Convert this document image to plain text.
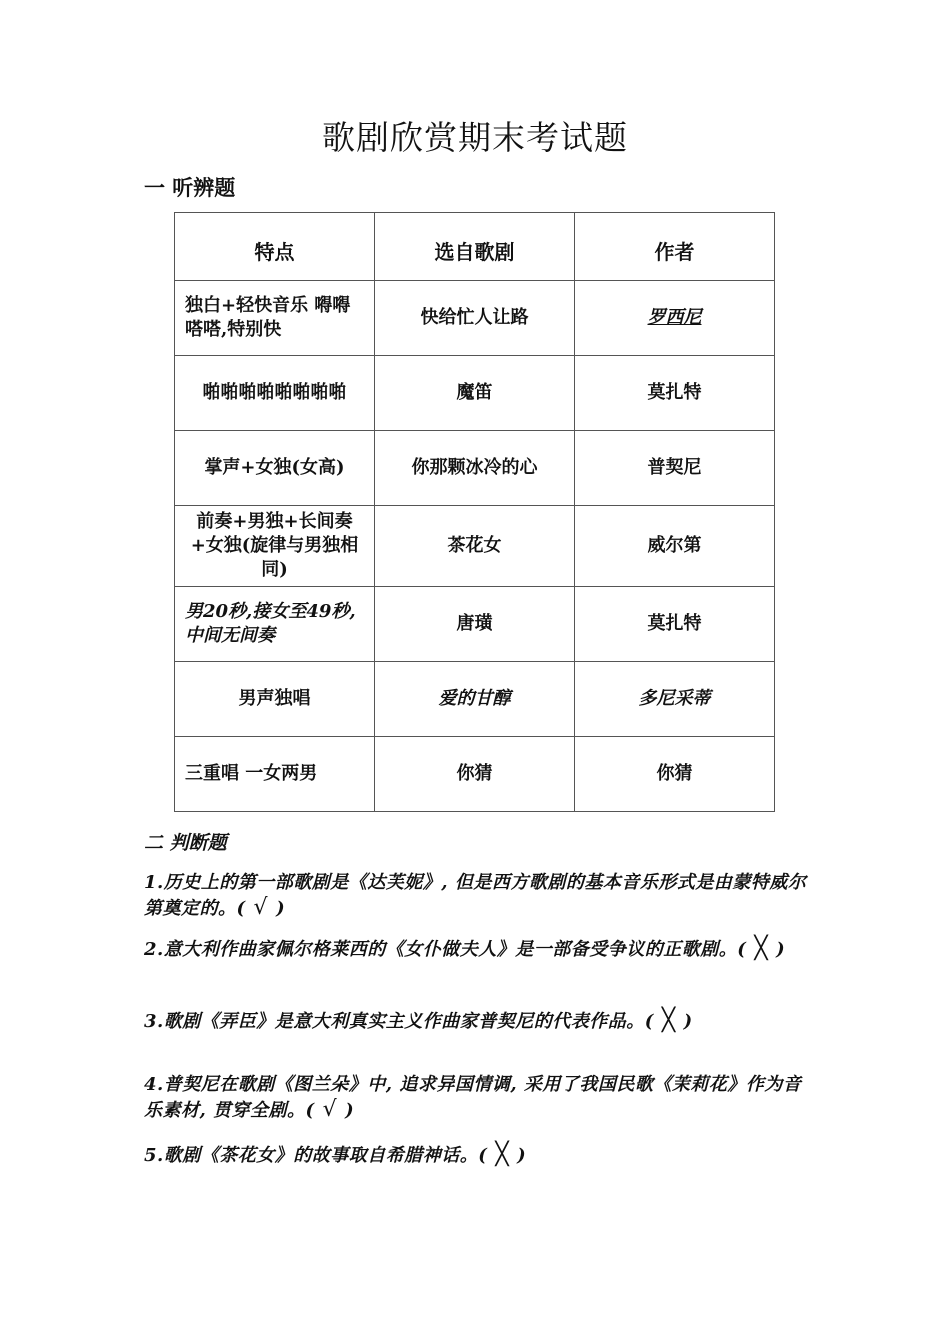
歌剧欣赏期末考试题
一 听辨题
特点	选自歌剧	作者
独白+轻快音乐 嘚嘚嗒嗒,特别快	快给忙人让路	罗西尼
啪啪啪啪啪啪啪啪	魔笛	莫扎特
掌声+女独(女高)	你那颗冰冷的心	普契尼
前奏+男独+长间奏+女独(旋律与男独相同)	茶花女	威尔第
男20秒,接女至49秒,中间无间奏	唐璜	莫扎特
男声独唱	爱的甘醇	多尼采蒂
三重唱 一女两男	你猜	你猜
二 判断题
1.历史上的第一部歌剧是《达芙妮》, 但是西方歌剧的基本音乐形式是由蒙特威尔第奠定的。( √ )
2.意大利作曲家佩尔格莱西的《女仆做夫人》是一部备受争议的正歌剧。( ╳ )
3.歌剧《弄臣》是意大利真实主义作曲家普契尼的代表作品。( ╳ )
4.普契尼在歌剧《图兰朵》中, 追求异国情调, 采用了我国民歌《茉莉花》作为音乐素材, 贯穿全剧。( √ )
5.歌剧《茶花女》的故事取自希腊神话。( ╳ )
